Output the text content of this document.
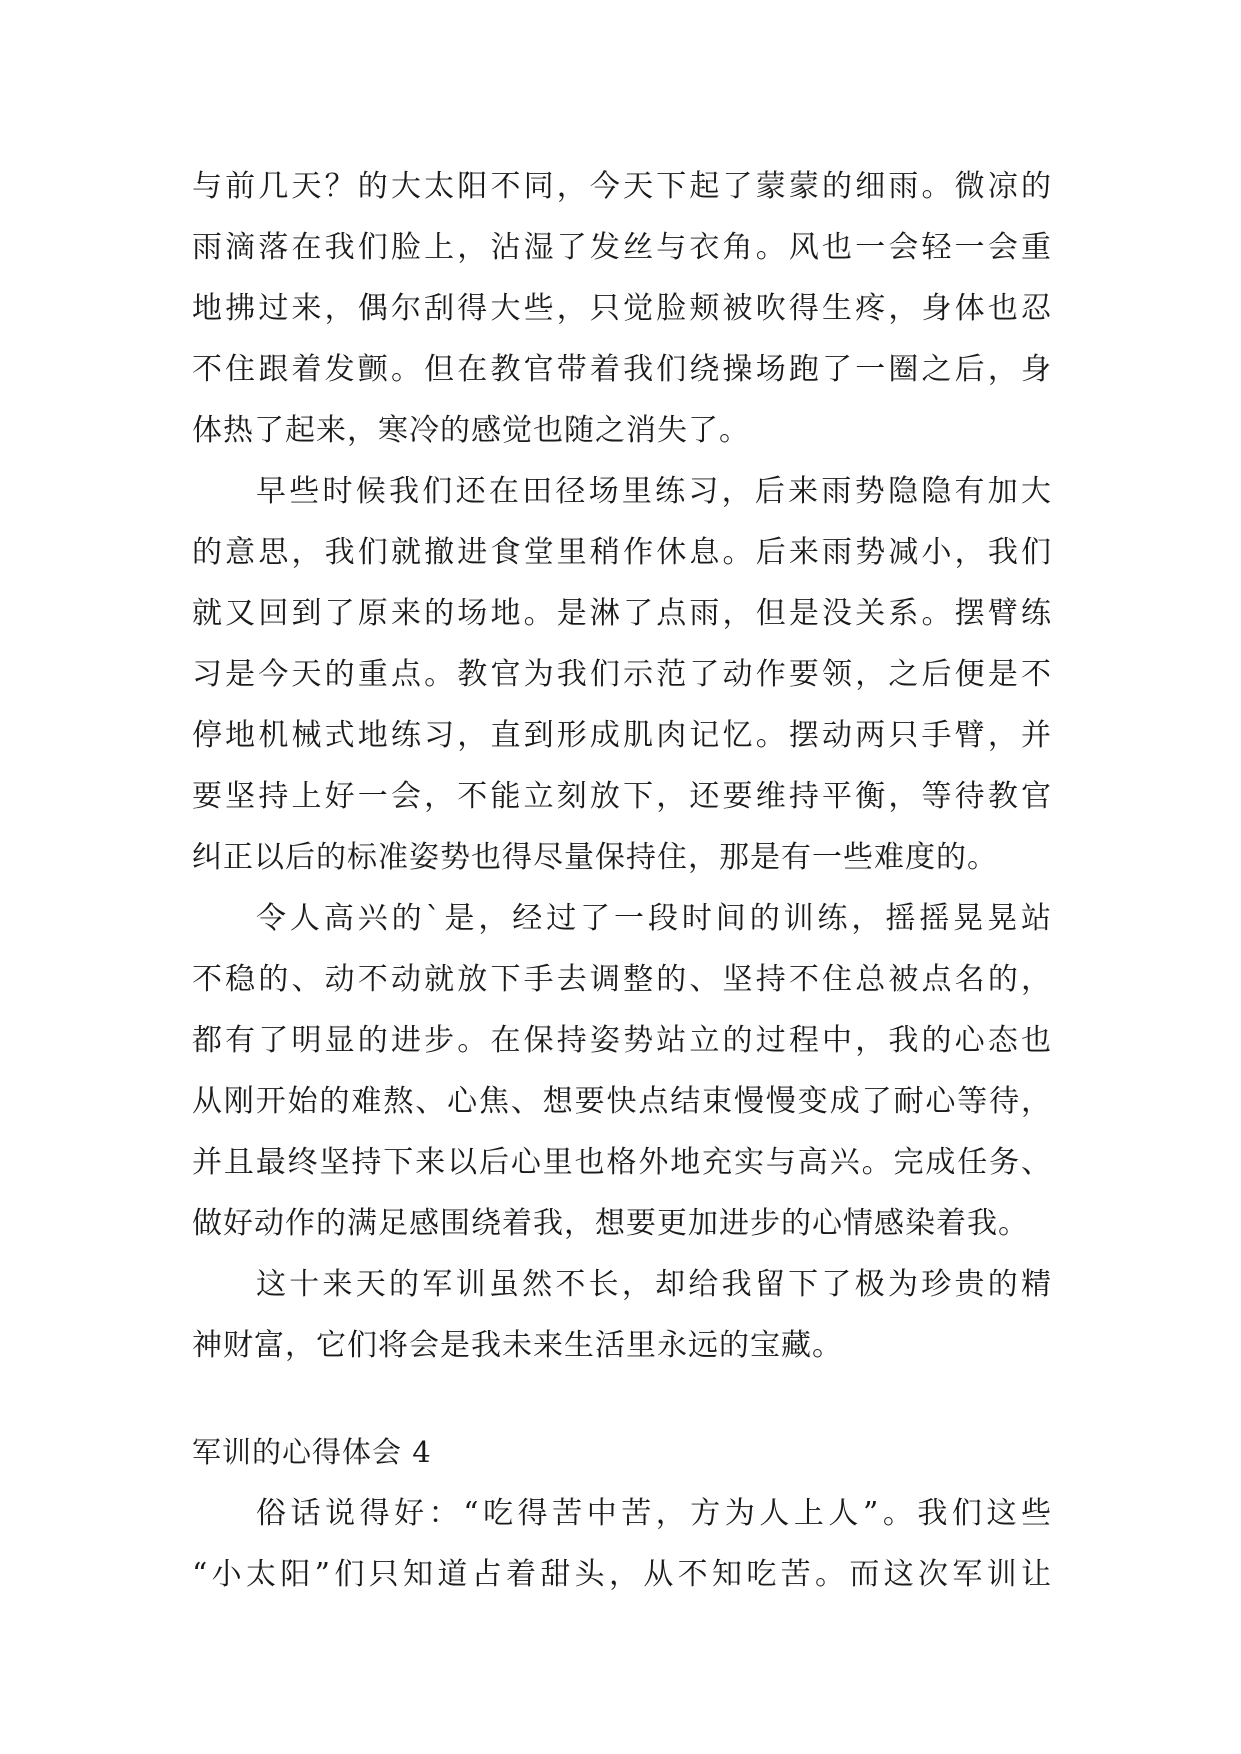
与前几天？的大太阳不同，今天下起了蒙蒙的细雨。微凉的
雨滴落在我们脸上，沾湿了发丝与衣角。风也一会轻一会重
地拂过来，偶尔刮得大些，只觉脸颊被吹得生疼，身体也忍
不住跟着发颤。但在教官带着我们绕操场跑了一圈之后，身
体热了起来，寒冷的感觉也随之消失了。
早些时候我们还在田径场里练习，后来雨势隐隐有加大
的意思，我们就撤进食堂里稍作休息。后来雨势减小，我们
就又回到了原来的场地。是淋了点雨，但是没关系。摆臂练
习是今天的重点。教官为我们示范了动作要领，之后便是不
停地机械式地练习，直到形成肌肉记忆。摆动两只手臂，并
要坚持上好一会，不能立刻放下，还要维持平衡，等待教官
纠正以后的标准姿势也得尽量保持住，那是有一些难度的。
令人高兴的`是，经过了一段时间的训练，摇摇晃晃站
不稳的、动不动就放下手去调整的、坚持不住总被点名的，
都有了明显的进步。在保持姿势站立的过程中，我的心态也
从刚开始的难熬、心焦、想要快点结束慢慢变成了耐心等待，
并且最终坚持下来以后心里也格外地充实与高兴。完成任务、
做好动作的满足感围绕着我，想要更加进步的心情感染着我。
这十来天的军训虽然不长，却给我留下了极为珍贵的精
神财富，它们将会是我未来生活里永远的宝藏。
军训的心得体会 4
俗话说得好：“吃得苦中苦，方为人上人”。我们这些
“小太阳”们只知道占着甜头，从不知吃苦。而这次军训让
